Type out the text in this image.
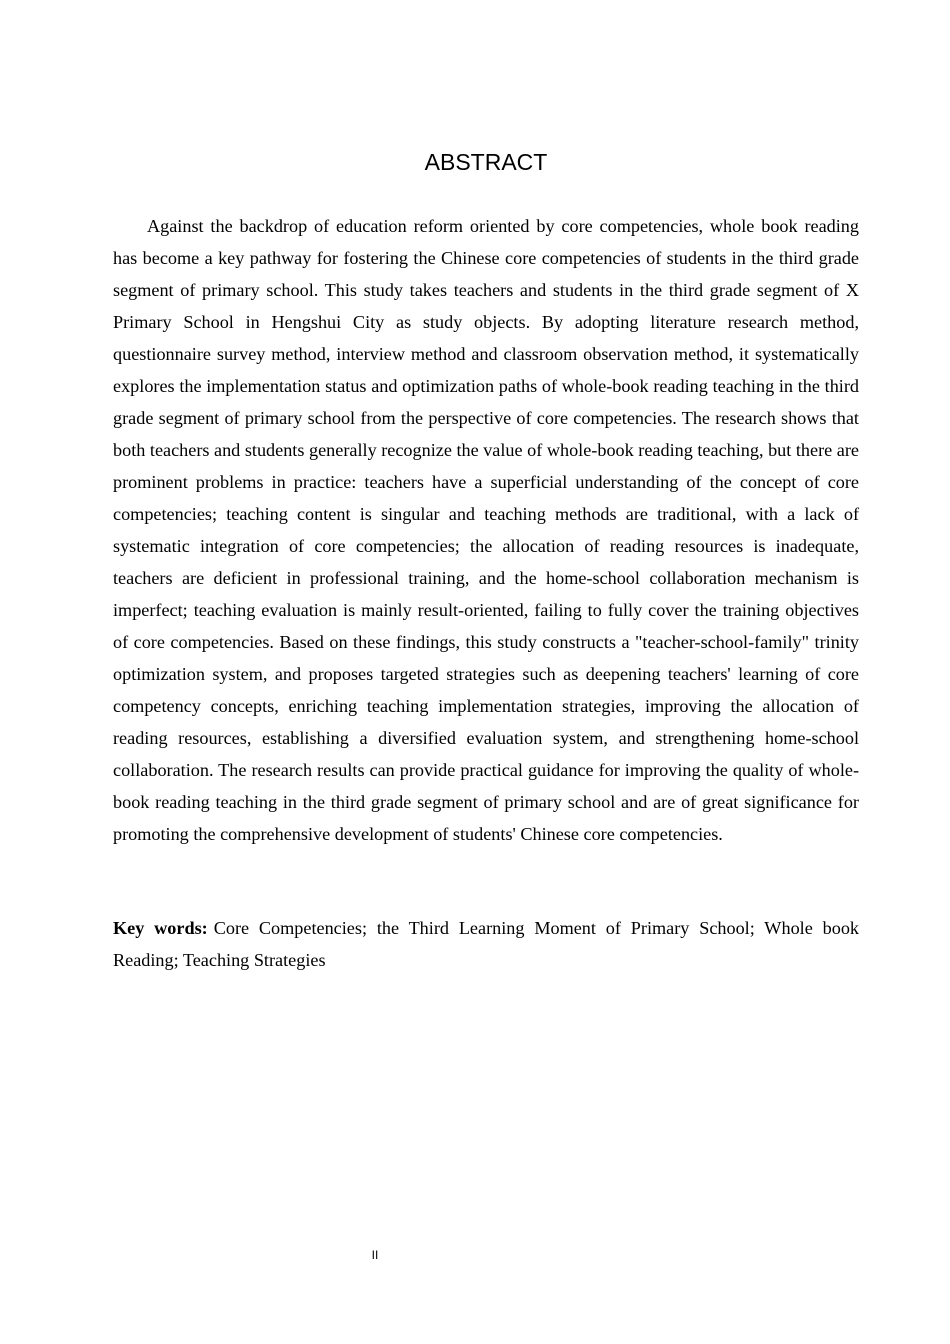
ABSTRACT

Against the backdrop of education reform oriented by core competencies, whole book reading has become a key pathway for fostering the Chinese core competencies of students in the third grade segment of primary school. This study takes teachers and students in the third grade segment of X Primary School in Hengshui City as study objects. By adopting literature research method, questionnaire survey method, interview method and classroom observation method, it systematically explores the implementation status and optimization paths of whole-book reading teaching in the third grade segment of primary school from the perspective of core competencies. The research shows that both teachers and students generally recognize the value of whole-book reading teaching, but there are prominent problems in practice: teachers have a superficial understanding of the concept of core competencies; teaching content is singular and teaching methods are traditional, with a lack of systematic integration of core competencies; the allocation of reading resources is inadequate, teachers are deficient in professional training, and the home-school collaboration mechanism is imperfect; teaching evaluation is mainly result-oriented, failing to fully cover the training objectives of core competencies. Based on these findings, this study constructs a "teacher-school-family" trinity optimization system, and proposes targeted strategies such as deepening teachers' learning of core competency concepts, enriching teaching implementation strategies, improving the allocation of reading resources, establishing a diversified evaluation system, and strengthening home-school collaboration. The research results can provide practical guidance for improving the quality of whole-book reading teaching in the third grade segment of primary school and are of great significance for promoting the comprehensive development of students' Chinese core competencies.

Key words: Core Competencies; the Third Learning Moment of Primary School; Whole book Reading; Teaching Strategies

II
